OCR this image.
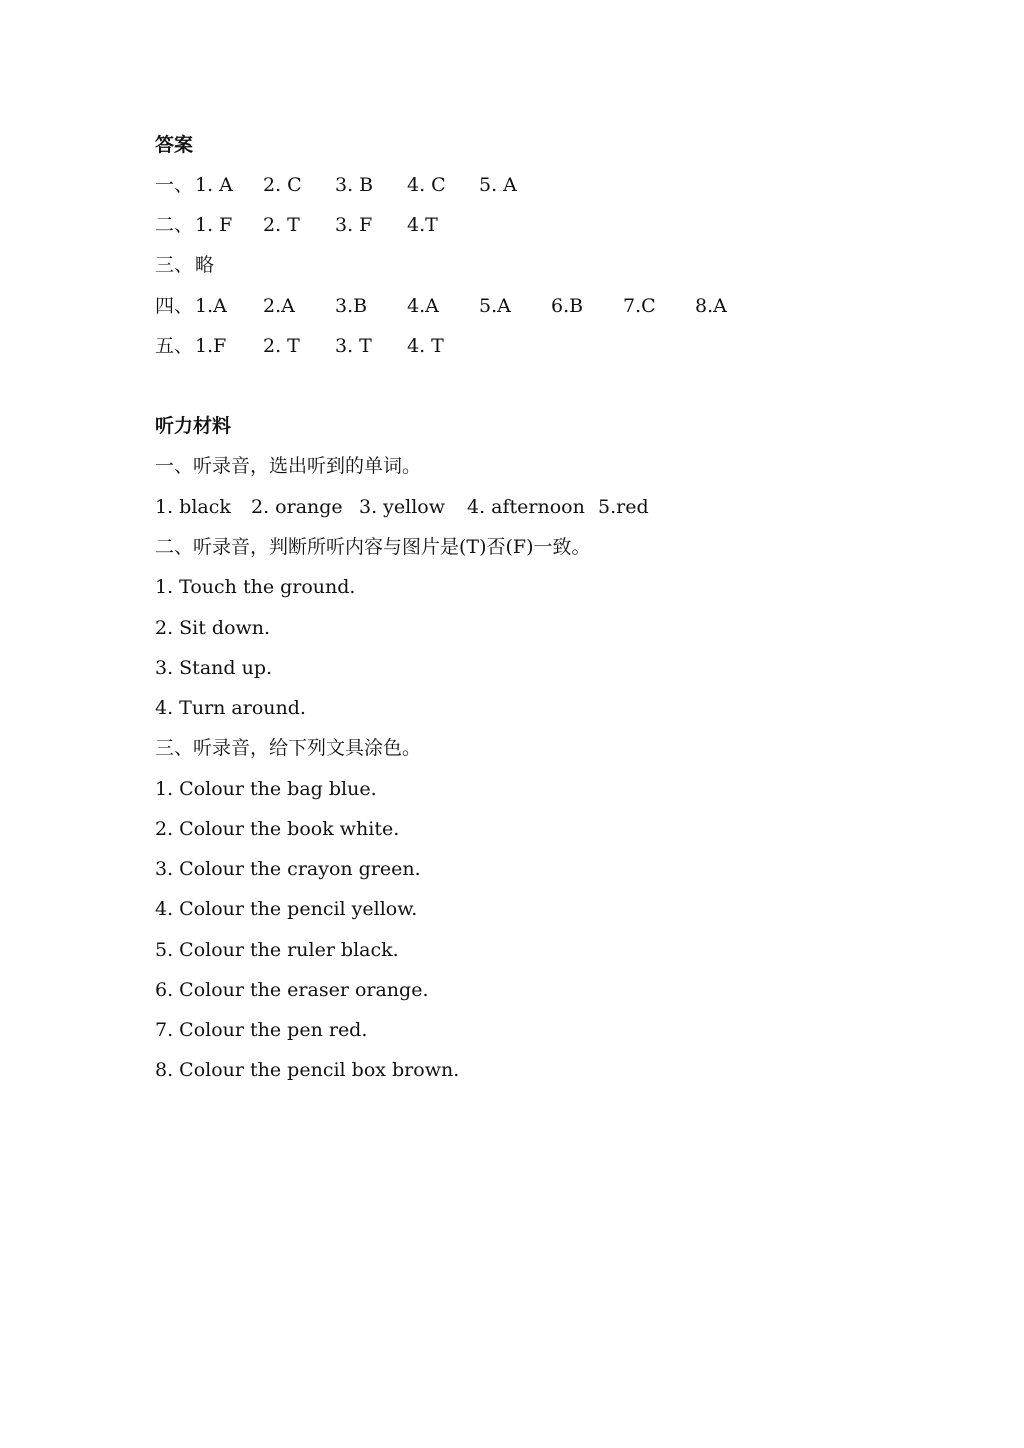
答案
一、 1. A 2. C 3. B 4. C 5. A
二、 1. F 2. T 3. F 4.T
三、 略
四、 1.A 2.A 3.B 4.A 5.A 6.B 7.C 8.A
五、 1.F 2. T 3. T 4. T
听力材料
一、听录音，选出听到的单词。
1. black 2. orange 3. yellow 4. afternoon 5.red
二、听录音，判断所听内容与图片是(T)否(F)一致。
1. Touch the ground.
2. Sit down.
3. Stand up.
4. Turn around.
三、听录音，给下列文具涂色。
1. Colour the bag blue.
2. Colour the book white.
3. Colour the crayon green.
4. Colour the pencil yellow.
5. Colour the ruler black.
6. Colour the eraser orange.
7. Colour the pen red.
8. Colour the pencil box brown.
